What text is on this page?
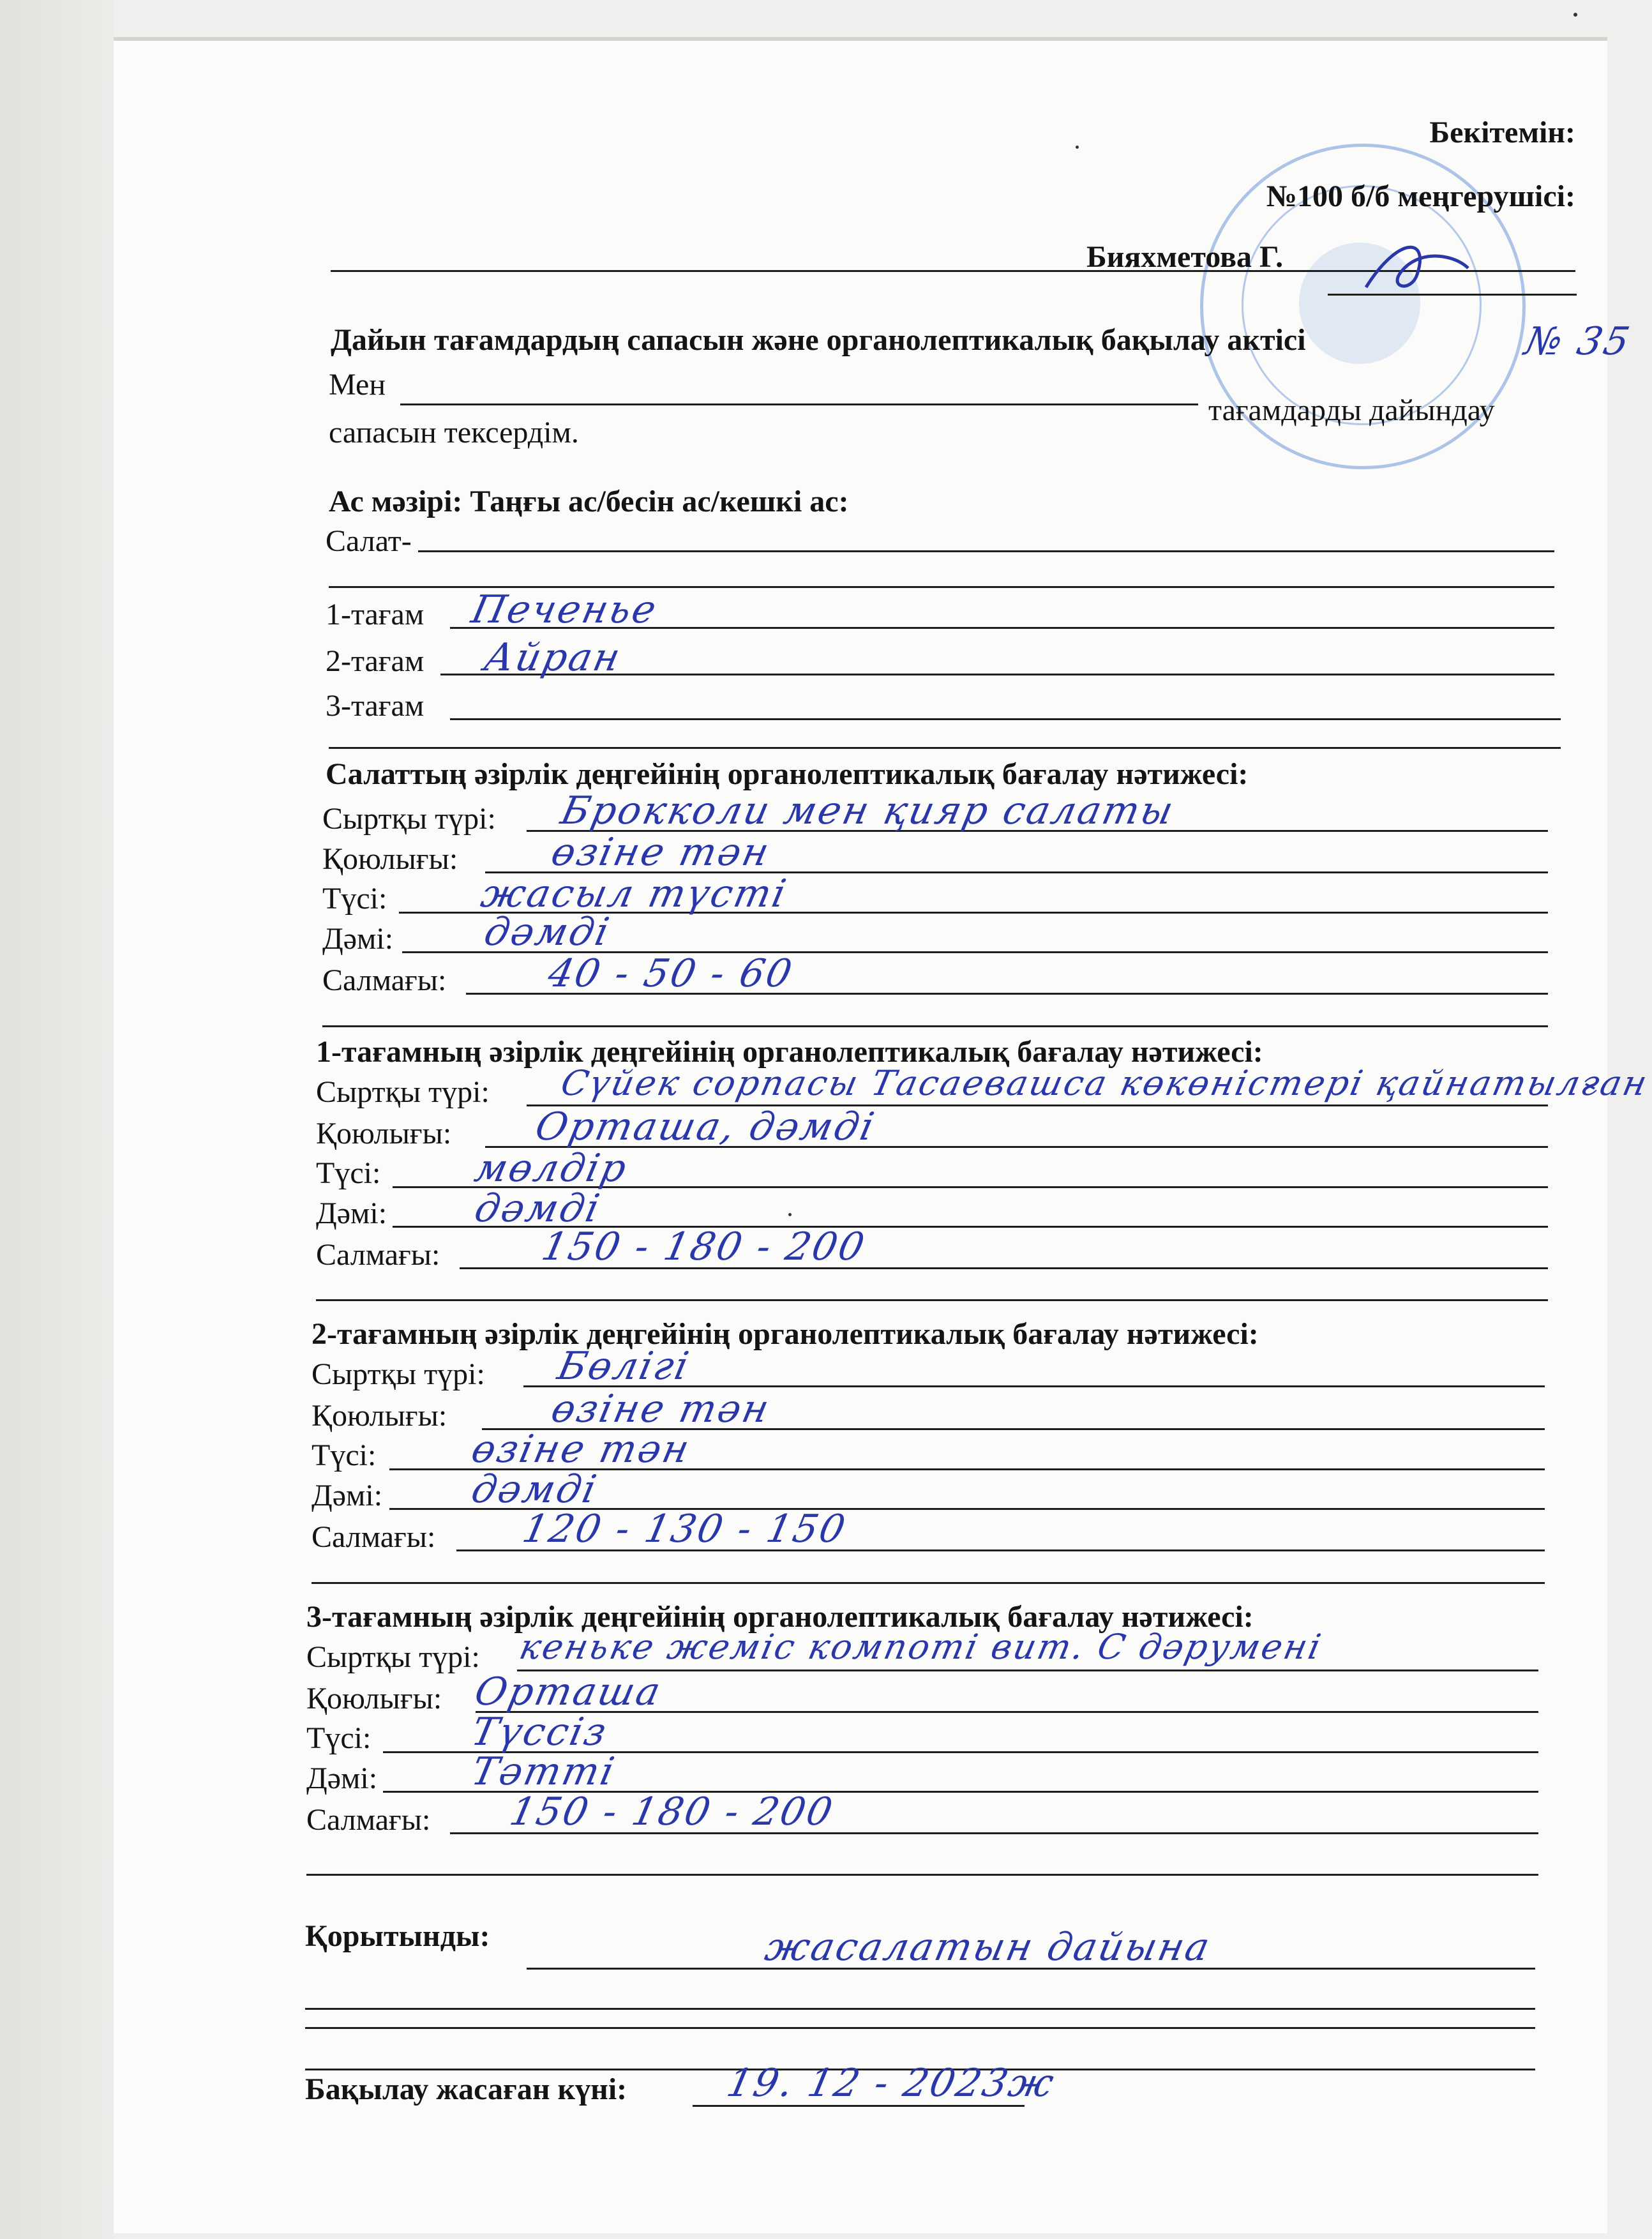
Бекітемін:
№100 б/б меңгерушісі:
Бияхметова Г.
Дайын тағамдардың сапасын және органолептикалық бақылау актісі	№ 35
Мен
тағамдарды дайындау
сапасын тексердім.
Ас мәзірі: Таңғы ас/бесін ас/кешкі ас:
Салат-
1-тағам Печенье
2-тағам Айран
3-тағам
Салаттың әзірлік деңгейінің органолептикалық бағалау нәтижесі:
Сыртқы түрі: Брокколи мен қияр салаты
Қоюлығы: өзіне тән
Түсі: жасыл түсті
Дәмі: дәмді
Салмағы:	40 - 50 - 60
1-тағамның әзірлік деңгейінің органолептикалық бағалау нәтижесі:
Сыртқы түрі: Сүйек сорпасы Тасаевашса көкөністері қайнатылған
Қоюлығы: Орташа, дәмді
Түсі: мөлдір
Дәмі: дәмді
Салмағы:	150 - 180 - 200
2-тағамның әзірлік деңгейінің органолептикалық бағалау нәтижесі:
Сыртқы түрі: Бөлігі
Қоюлығы:	өзіне тән
Түсі: өзіне тән
Дәмі: дәмді
Салмағы: 120 - 130 - 150
3-тағамның әзірлік деңгейінің органолептикалық бағалау нәтижесі:
Сыртқы түрі: кеньке жеміс компоті вит. С дәрумені
Қоюлығы: Орташа
Түсі:	Түссіз
Дәмі: Тәтті
Салмағы: 150 - 180 - 200
Қорытынды:	жасалатын дайына
Бақылау жасаған күні:	19. 12 - 2023ж
